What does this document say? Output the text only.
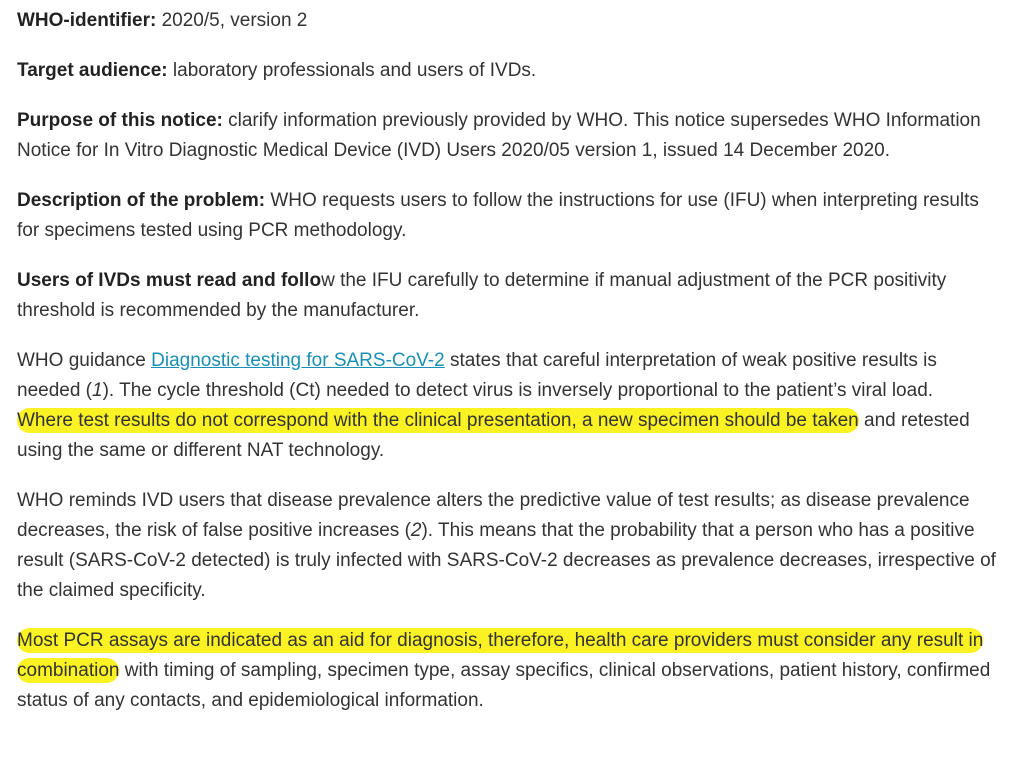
WHO-identifier: 2020/5, version 2

Target audience: laboratory professionals and users of IVDs.

Purpose of this notice: clarify information previously provided by WHO. This notice supersedes WHO Information Notice for In Vitro Diagnostic Medical Device (IVD) Users 2020/05 version 1, issued 14 December 2020.

Description of the problem: WHO requests users to follow the instructions for use (IFU) when interpreting results for specimens tested using PCR methodology.

Users of IVDs must read and follow the IFU carefully to determine if manual adjustment of the PCR positivity threshold is recommended by the manufacturer.

WHO guidance Diagnostic testing for SARS-CoV-2 states that careful interpretation of weak positive results is needed (1). The cycle threshold (Ct) needed to detect virus is inversely proportional to the patient’s viral load.
Where test results do not correspond with the clinical presentation, a new specimen should be taken and retested using the same or different NAT technology.

WHO reminds IVD users that disease prevalence alters the predictive value of test results; as disease prevalence decreases, the risk of false positive increases (2). This means that the probability that a person who has a positive result (SARS-CoV-2 detected) is truly infected with SARS-CoV-2 decreases as prevalence decreases, irrespective of the claimed specificity.

Most PCR assays are indicated as an aid for diagnosis, therefore, health care providers must consider any result in combination with timing of sampling, specimen type, assay specifics, clinical observations, patient history, confirmed status of any contacts, and epidemiological information.
